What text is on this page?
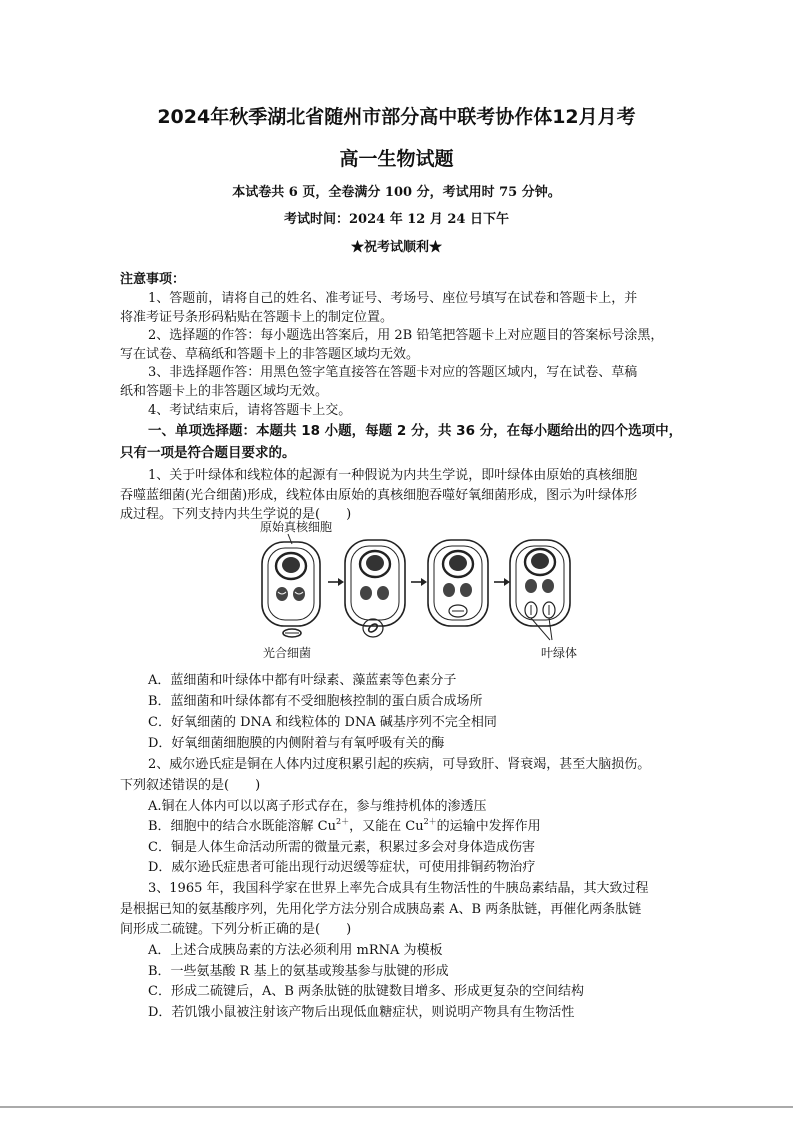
2024年秋季湖北省随州市部分高中联考协作体12月月考
高一生物试题
本试卷共 6 页，全卷满分 100 分，考试用时 75 分钟。
考试时间：2024 年 12 月 24 日下午
★祝考试顺利★
注意事项：
1、答题前，请将自己的姓名、准考证号、考场号、座位号填写在试卷和答题卡上，并
将准考证号条形码粘贴在答题卡上的制定位置。
2、选择题的作答：每小题选出答案后，用 2B 铅笔把答题卡上对应题目的答案标号涂黑，
写在试卷、草稿纸和答题卡上的非答题区域均无效。
3、非选择题作答：用黑色签字笔直接答在答题卡对应的答题区域内，写在试卷、草稿
纸和答题卡上的非答题区域均无效。
4、考试结束后，请将答题卡上交。
一、单项选择题：本题共 18 小题，每题 2 分，共 36 分，在每小题给出的四个选项中，
只有一项是符合题目要求的。
1、关于叶绿体和线粒体的起源有一种假说为内共生学说，即叶绿体由原始的真核细胞
吞噬蓝细菌(光合细菌)形成，线粒体由原始的真核细胞吞噬好氧细菌形成，图示为叶绿体形
成过程。下列支持内共生学说的是(　　)
原始真核细胞
光合细菌	叶绿体
A．蓝细菌和叶绿体中都有叶绿素、藻蓝素等色素分子
B．蓝细菌和叶绿体都有不受细胞核控制的蛋白质合成场所
C．好氧细菌的 DNA 和线粒体的 DNA 碱基序列不完全相同
D．好氧细菌细胞膜的内侧附着与有氧呼吸有关的酶
2、威尔逊氏症是铜在人体内过度积累引起的疾病，可导致肝、肾衰竭，甚至大脑损伤。
下列叙述错误的是(　　)
A.铜在人体内可以以离子形式存在，参与维持机体的渗透压
B．细胞中的结合水既能溶解 $Cu^{2+}$，又能在 $Cu^{2+}$的运输中发挥作用
C．铜是人体生命活动所需的微量元素，积累过多会对身体造成伤害
D．威尔逊氏症患者可能出现行动迟缓等症状，可使用排铜药物治疗
3、1965 年，我国科学家在世界上率先合成具有生物活性的牛胰岛素结晶，其大致过程
是根据已知的氨基酸序列，先用化学方法分别合成胰岛素 A、B 两条肽链，再催化两条肽链
间形成二硫键。下列分析正确的是(　　)
A．上述合成胰岛素的方法必须利用 mRNA 为模板
B．一些氨基酸 R 基上的氨基或羧基参与肽键的形成
C．形成二硫键后，A、B 两条肽链的肽键数目增多、形成更复杂的空间结构
D．若饥饿小鼠被注射该产物后出现低血糖症状，则说明产物具有生物活性
